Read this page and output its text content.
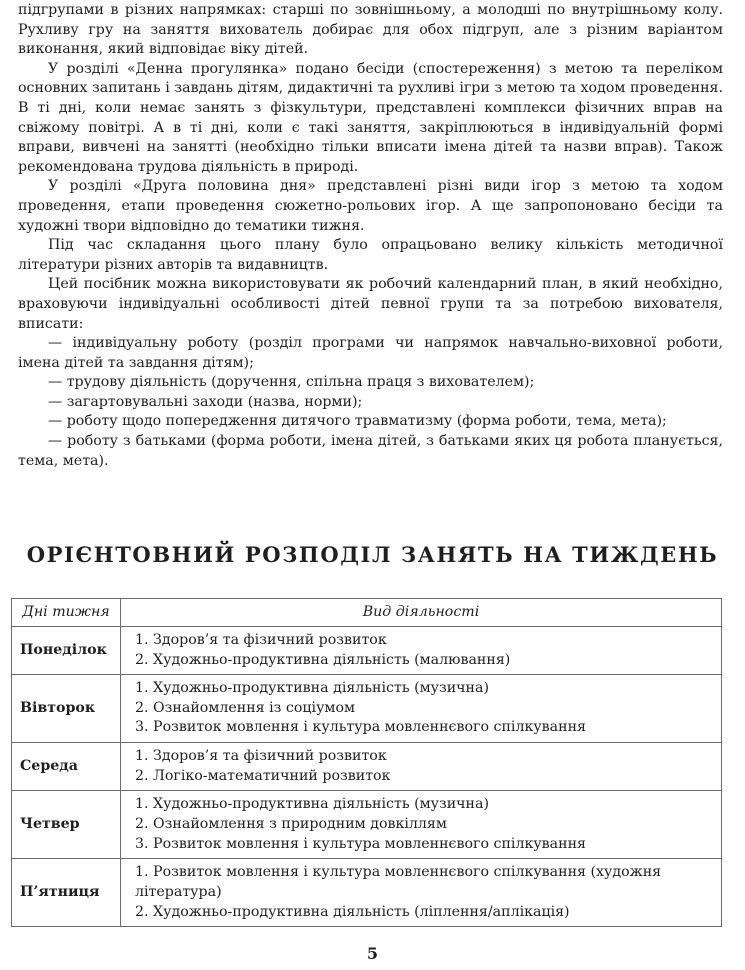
підгрупами в різних напрямках: старші по зовнішньому, а молодші по внутрішньому колу. Рухливу гру на заняття вихователь добирає для обох підгруп, але з різним варіантом виконання, який відповідає віку дітей.

У розділі «Денна прогулянка» подано бесіди (спостереження) з метою та переліком основних запитань і завдань дітям, дидактичні та рухливі ігри з метою та ходом проведення. В ті дні, коли немає занять з фізкультури, представлені комплекси фізичних вправ на свіжому повітрі. А в ті дні, коли є такі заняття, закріплюються в індивідуальній формі вправи, вивчені на занятті (необхідно тільки вписати імена дітей та назви вправ). Також рекомендована трудова діяльність в природі.

У розділі «Друга половина дня» представлені різні види ігор з метою та ходом проведення, етапи проведення сюжетно-рольових ігор. А ще запропоновано бесіди та художні твори відповідно до тематики тижня.

Під час складання цього плану було опрацьовано велику кількість методичної літератури різних авторів та видавництв.

Цей посібник можна використовувати як робочий календарний план, в який необхідно, враховуючи індивідуальні особливості дітей певної групи та за потребою вихователя, вписати:

— індивідуальну роботу (розділ програми чи напрямок навчально-виховної роботи, імена дітей та завдання дітям);

— трудову діяльність (доручення, спільна праця з вихователем);

— загартовувальні заходи (назва, норми);

— роботу щодо попередження дитячого травматизму (форма роботи, тема, мета);

— роботу з батьками (форма роботи, імена дітей, з батьками яких ця робота планується, тема, мета).

ОРІЄНТОВНИЙ РОЗПОДІЛ ЗАНЯТЬ НА ТИЖДЕНЬ
Дні тижня	Вид діяльності
Понеділок	1. Здоров’я та фізичний розвиток
2. Художньо-продуктивна діяльність (малювання)

Вівторок	1. Художньо-продуктивна діяльність (музична)
2. Ознайомлення із соціумом
3. Розвиток мовлення і культура мовленнєвого спілкування

Середа	1. Здоров’я та фізичний розвиток
2. Логіко-математичний розвиток

Четвер	1. Художньо-продуктивна діяльність (музична)
2. Ознайомлення з природним довкіллям
3. Розвиток мовлення і культура мовленнєвого спілкування

П’ятниця	1. Розвиток мовлення і культура мовленнєвого спілкування (художня література)
2. Художньо-продуктивна діяльність (ліплення/аплікація)
5
